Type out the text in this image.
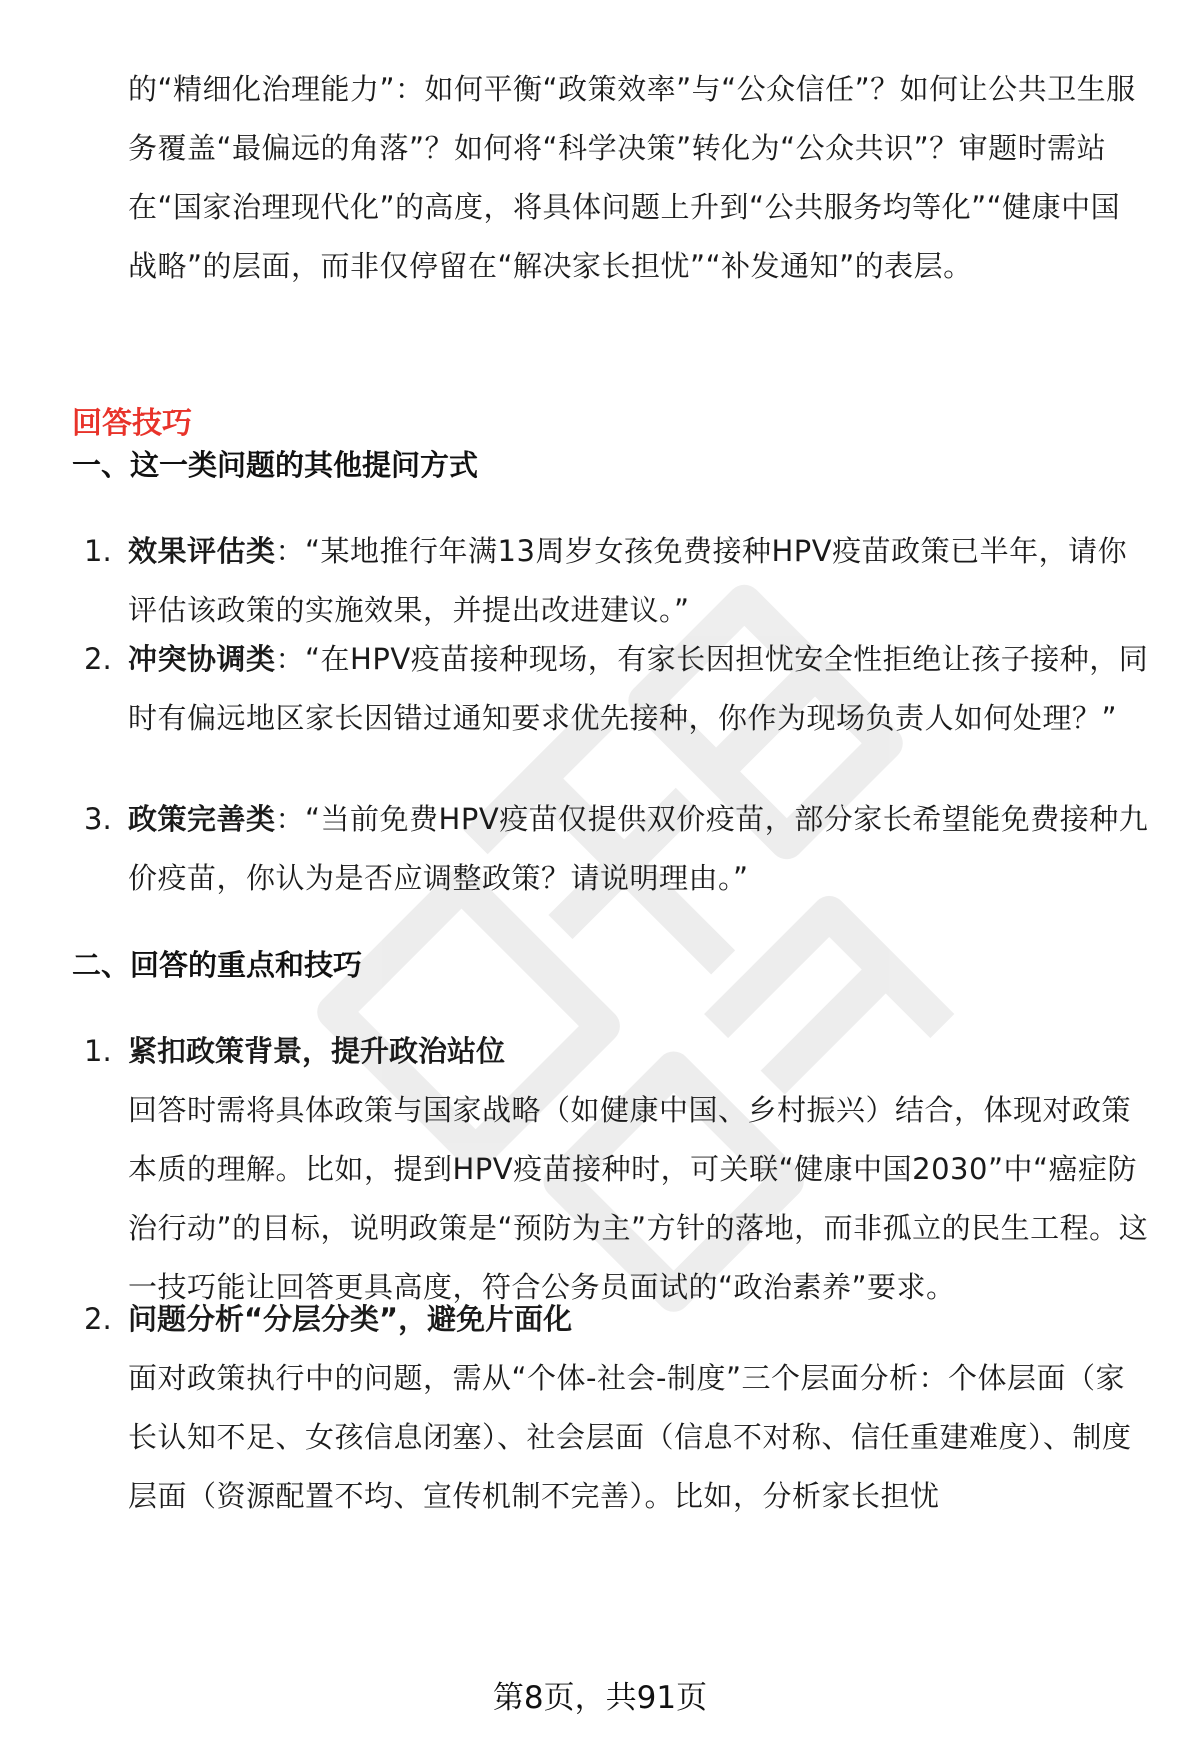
的“精细化治理能力”：如何平衡“政策效率”与“公众信任”？如何让公共卫生服务覆盖“最偏远的角落”？如何将“科学决策”转化为“公众共识”？审题时需站在“国家治理现代化”的高度，将具体问题上升到“公共服务均等化”“健康中国战略”的层面，而非仅停留在“解决家长担忧”“补发通知”的表层。

回答技巧

一、这一类问题的其他提问方式

1. 效果评估类：“某地推行年满13周岁女孩免费接种HPV疫苗政策已半年，请你评估该政策的实施效果，并提出改进建议。”
2. 冲突协调类：“在HPV疫苗接种现场，有家长因担忧安全性拒绝让孩子接种，同时有偏远地区家长因错过通知要求优先接种，你作为现场负责人如何处理？”
3. 政策完善类：“当前免费HPV疫苗仅提供双价疫苗，部分家长希望能免费接种九价疫苗，你认为是否应调整政策？请说明理由。”

二、回答的重点和技巧

1. 紧扣政策背景，提升政治站位
回答时需将具体政策与国家战略（如健康中国、乡村振兴）结合，体现对政策本质的理解。比如，提到HPV疫苗接种时，可关联“健康中国2030”中“癌症防治行动”的目标，说明政策是“预防为主”方针的落地，而非孤立的民生工程。这一技巧能让回答更具高度，符合公务员面试的“政治素养”要求。
2. 问题分析“分层分类”，避免片面化
面对政策执行中的问题，需从“个体-社会-制度”三个层面分析：个体层面（家长认知不足、女孩信息闭塞）、社会层面（信息不对称、信任重建难度）、制度层面（资源配置不均、宣传机制不完善）。比如，分析家长担忧
第8页，共91页
